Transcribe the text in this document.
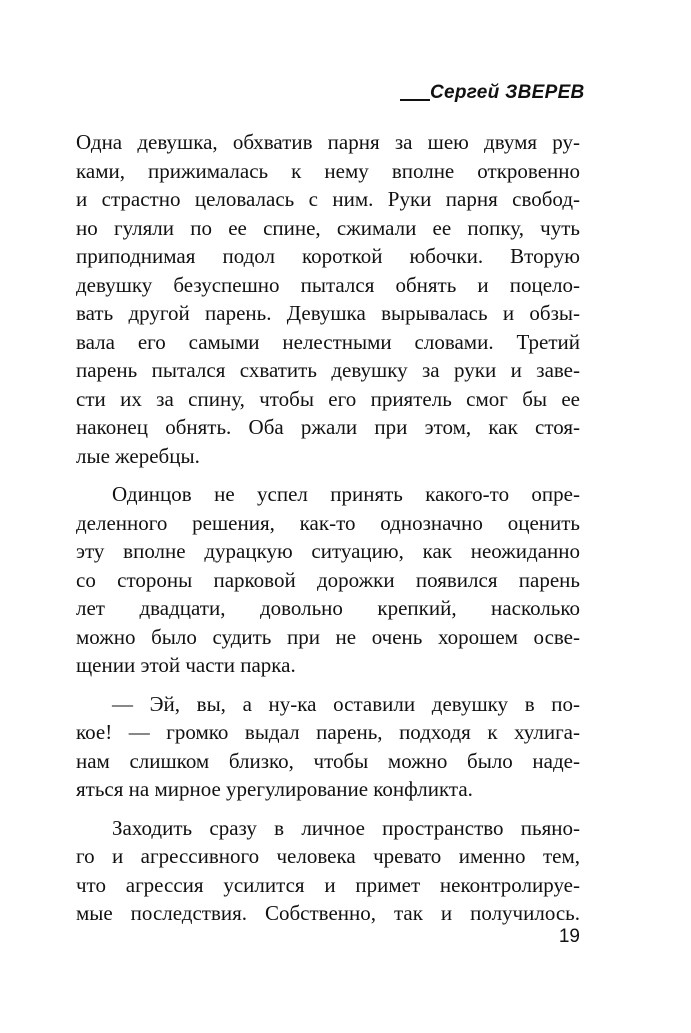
Сергей ЗВЕРЕВ
Одна девушка, обхватив парня за шею двумя ру-
ками, прижималась к нему вполне откровенно
и страстно целовалась с ним. Руки парня свобод-
но гуляли по ее спине, сжимали ее попку, чуть
приподнимая подол короткой юбочки. Вторую
девушку безуспешно пытался обнять и поцело-
вать другой парень. Девушка вырывалась и обзы-
вала его самыми нелестными словами. Третий
парень пытался схватить девушку за руки и заве-
сти их за спину, чтобы его приятель смог бы ее
наконец обнять. Оба ржали при этом, как стоя-
лые жеребцы.
Одинцов не успел принять какого-то опре-
деленного решения, как-то однозначно оценить
эту вполне дурацкую ситуацию, как неожиданно
со стороны парковой дорожки появился парень
лет двадцати, довольно крепкий, насколько
можно было судить при не очень хорошем осве-
щении этой части парка.
— Эй, вы, а ну-ка оставили девушку в по-
кое! — громко выдал парень, подходя к хулига-
нам слишком близко, чтобы можно было наде-
яться на мирное урегулирование конфликта.
Заходить сразу в личное пространство пьяно-
го и агрессивного человека чревато именно тем,
что агрессия усилится и примет неконтролируе-
мые последствия. Собственно, так и получилось.
19
